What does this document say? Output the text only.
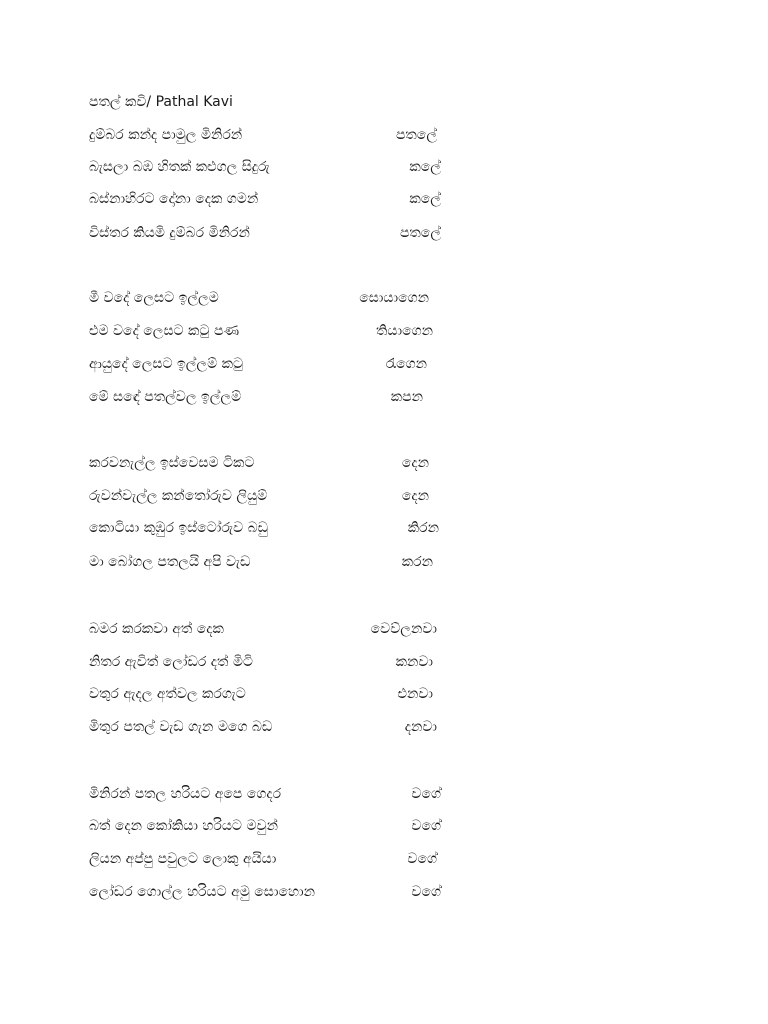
පතල් කවි/ Pathal Kavi
දුම්බර කන්ද පාමුල මිනිරන්	පතලේ
බැසලා බඹ හිතක් කළුගල සිදුරු	කලේ
බස්නාහිරට දෝනා දෙක ගමන්	කලේ
විස්තර කියමි දුම්බර මිනිරන්	පතලේ
මී වදේ ලෙසට ඉල්ලම	සොයාගෙන
එම වදේ ලෙසට කටු පණ	තියාගෙන
ආයුදේ ලෙසට ඉල්ලම් කටු	රැගෙන
මේ සඳේ පතල්වල ඉල්ලම්	කපන
කරවනැල්ල ඉස්වෙසම ටිකට	දෙන
රුවන්වැල්ල කන්තෝරුව ලියුම්	දෙන
කොටියා කුඹුර ඉස්ටෝරුව බඩු	කිරන
මා බෝගල පතලයි අපි වැඩ	කරන
බමර කරකවා අත් දෙක	වෙව්ලනවා
නිතර ඇවිත් ලෝඩර දත් මිටි	කනවා
වතුර ඇදල අත්වල කරගැට	එනවා
මිතුර පතල් වැඩ ගැන මගෙ බඩ	දනවා
මිනිරන් පතල හරියට අපෙ ගෙදර	වගේ
බත් දෙන කෝකියා හරියට මවුන්	වගේ
ලියන අප්පු පවුලට ලොකු අයියා	වගේ
ලෝඩර ගොල්ල හරියට අමු සොහොන	වගේ
